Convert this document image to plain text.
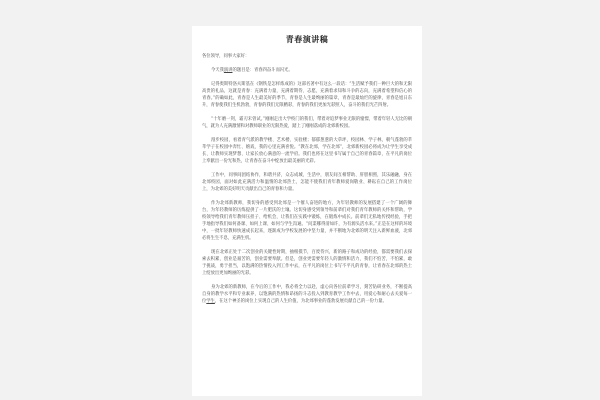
青春演讲稿
各位领导，同事大家好：
今天我演讲的题目是：青春四奋斗而闪光。
记得奥斯特洛夫斯基在《钢铁是怎样炼成的》这部名著中有这么一段话：“生活赋予我们一种巨大的和无限高贵的礼品，这就是青春：充满着力量，充满着期待、志愿，充满着求知和斗争的志向，充满着希望和信心的青春。”的确如此，青春是人生最美好的季节，青春是人生最绚丽的篇章，青春是最灿烂的旋律，青春是旭日东升，青春使我们生机勃勃，青春的我们无限精彩，青春的我们更加光彩照人，奋斗的我们光芒四射。
“十年磨一剑，霜刃未曾试。”刚刚走出大学校门的我们，带着对追梦事业无限的憧憬，带着年轻人无比的朝气，就为人充满激情和对教师职业的无限热爱，踏上了刚刚落成的北郊新校园。
漫步校园，看着青气派的教学楼、艺术楼、实验楼；郁郁葱葱的大草坪，校园林、学子林，朝气蓬勃的莘莘学子在校园中奔忙、嬉戏，我的心里充满喜悦。“教在北郊，学在北郊”，北郊新校园必将成为让学生享受成长、让教师实现梦想、让家长放心满意的一流学府。我们也将在这里书写属于自己的青春篇章，在平凡的岗位上奉献出一份光和热，让青春在奋斗中绽放出最美丽的光彩。
工作中，同事间团结协作，和谐共济，众志成城，生活中，朋友间互相帮助、肝胆相照，其乐融融，身在北郊校园，面对如此充满活力和温情的北郊热土，怎能不使我们青年教师爱岗敬业、耕耘在自己的工作岗位上，为北郊的美好明天贡献出自己的青春和力量。
作为北郊新教师，我切身的感受到北郊是一个催人奋进的地方，为年轻教师的发展搭建了一个广阔的舞台，为年轻教师的历练提供了一片肥沃的土壤。这切身感受到领导和前辈们对我们青年教师的关怀和帮助，学校领导给我们青年教师压担子、给机会，让我们在实践中锻炼，在锻炼中成长。前辈们无私地传授经验，手把手地指导我们如何备课、如何上课、如何与学生沟通。“问渠哪得清如许，为有源头活水来。”正是在这样的环境中，一批年轻教师快速成长起来，逐渐成为学校发展的中坚力量，并不断地为北郊的明天注入新鲜血液，北郊必将生生不息，充满生机。
现在北郊正处于二次创业的关键性时期，抽根摸节，百废待兴，新的路子和成功的经验，都需要我们去探索去积累，创业是艰苦的，创业需要奉献。但是，创业更需要年轻人的激情和活力，我们不怕苦，不怕累，敢于挑战，勇于担当，以饱满的热情投入到工作中去，在平凡的岗位上书写不平凡的青春，让青春在北郊的热土上绽放出更加绚丽的光彩。
身为北郊的新教师，在今后的工作中，我必将全力以赴，虚心向各位前辈学习，刻苦钻研业务，不断提高自身的教学水平和专业素养，以饱满的热情和昂扬的斗志投入到教育教学工作中去，用爱心和耐心去关爱每一位学生，在这个神圣的岗位上实现自己的人生价值，为北郊事业的蓬勃发展贡献自己的一份力量。
